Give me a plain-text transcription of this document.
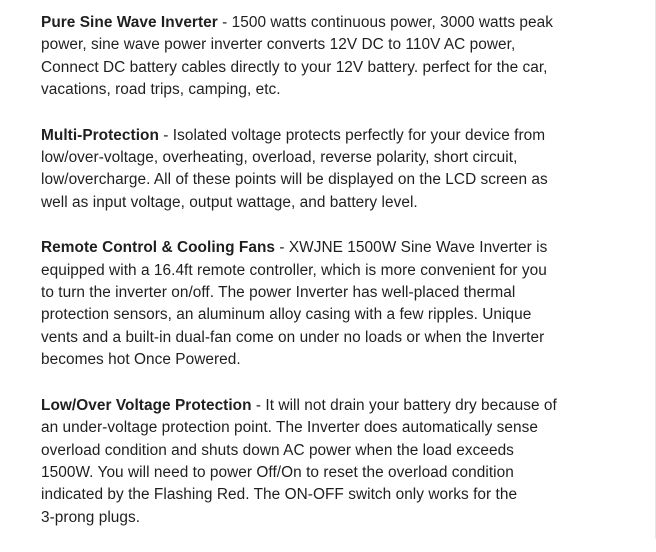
Pure Sine Wave Inverter - 1500 watts continuous power, 3000 watts peak
power, sine wave power inverter converts 12V DC to 110V AC power,
Connect DC battery cables directly to your 12V battery. perfect for the car,
vacations, road trips, camping, etc.

Multi-Protection - Isolated voltage protects perfectly for your device from
low/over-voltage, overheating, overload, reverse polarity, short circuit,
low/overcharge. All of these points will be displayed on the LCD screen as
well as input voltage, output wattage, and battery level.

Remote Control & Cooling Fans - XWJNE 1500W Sine Wave Inverter is
equipped with a 16.4ft remote controller, which is more convenient for you
to turn the inverter on/off. The power Inverter has well-placed thermal
protection sensors, an aluminum alloy casing with a few ripples. Unique
vents and a built-in dual-fan come on under no loads or when the Inverter
becomes hot Once Powered.

Low/Over Voltage Protection - It will not drain your battery dry because of
an under-voltage protection point. The Inverter does automatically sense
overload condition and shuts down AC power when the load exceeds
1500W. You will need to power Off/On to reset the overload condition
indicated by the Flashing Red. The ON-OFF switch only works for the
3-prong plugs.
